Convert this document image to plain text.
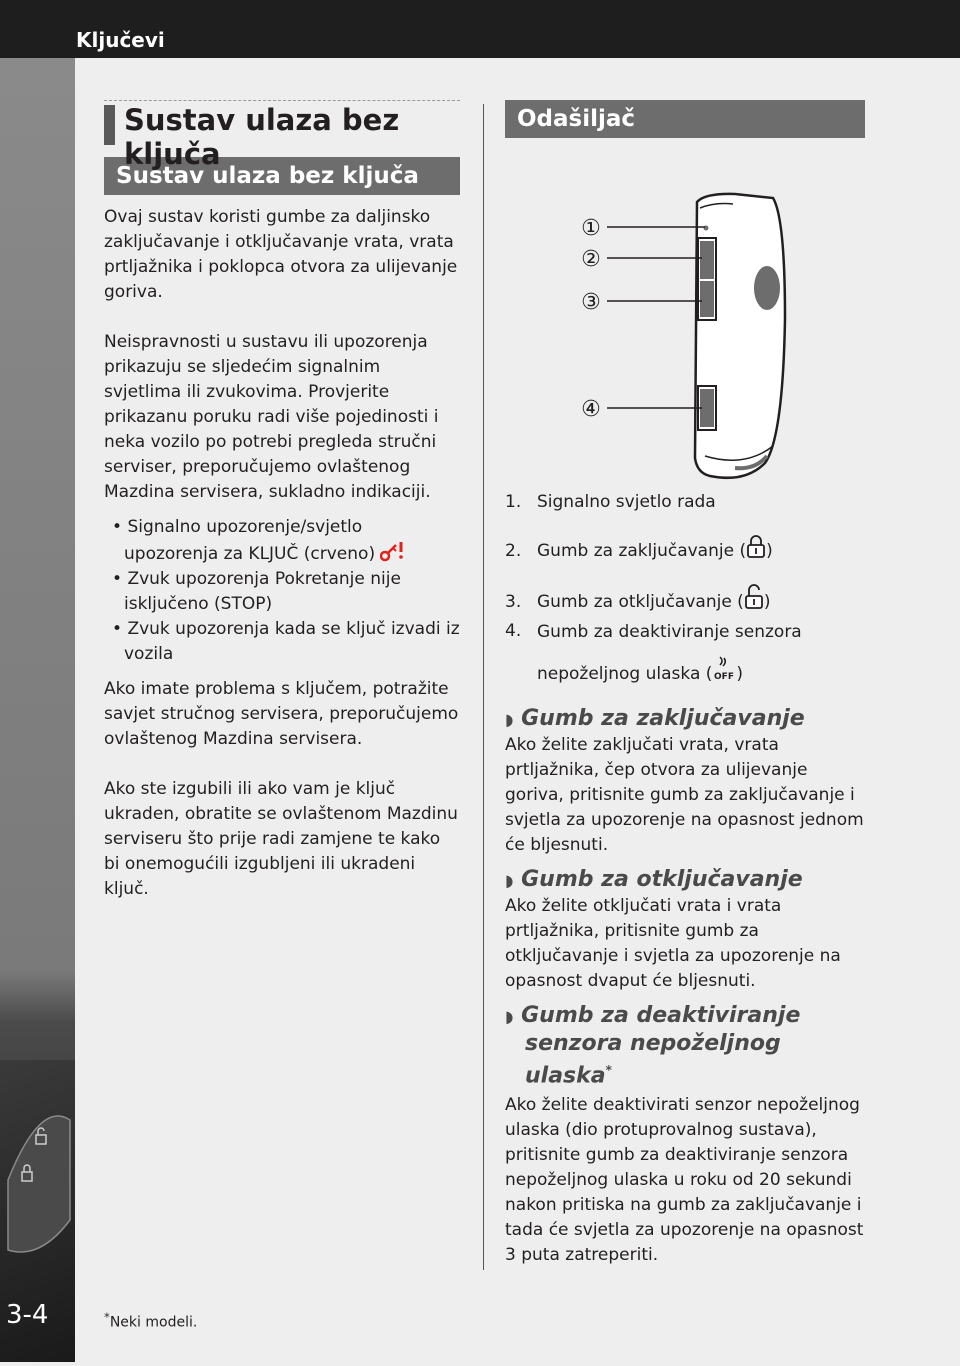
Ključevi
3-4
Sustav ulaza bez ključa
Sustav ulaza bez ključa

Ovaj sustav koristi gumbe za daljinsko zaključavanje i otključavanje vrata, vrata prtljažnika i poklopca otvora za ulijevanje goriva.

Neispravnosti u sustavu ili upozorenja prikazuju se sljedećim signalnim svjetlima ili zvukovima. Provjerite prikazanu poruku radi više pojedinosti i neka vozilo po potrebi pregleda stručni serviser, preporučujemo ovlaštenog Mazdina servisera, sukladno indikaciji.

• Signalno upozorenje/svjetlo upozorenja za KLJUČ (crveno)

• Zvuk upozorenja Pokretanje nije isključeno (STOP)

• Zvuk upozorenja kada se ključ izvadi iz vozila

Ako imate problema s ključem, potražite savjet stručnog servisera, preporučujemo ovlaštenog Mazdina servisera.

Ako ste izgubili ili ako vam je ključ ukraden, obratite se ovlaštenom Mazdinu serviseru što prije radi zamjene te kako bi onemogućili izgubljeni ili ukradeni ključ.

Odašiljač
①
②
③
④

1. Signalno svjetlo rada

2. Gumb za zaključavanje ( )

3. Gumb za otključavanje ( )

4. Gumb za deaktiviranje senzora nepoželjnog ulaska ( OFF )

◗ Gumb za zaključavanje

Ako želite zaključati vrata, vrata prtljažnika, čep otvora za ulijevanje goriva, pritisnite gumb za zaključavanje i svjetla za upozorenje na opasnost jednom će bljesnuti.

◗ Gumb za otključavanje

Ako želite otključati vrata i vrata prtljažnika, pritisnite gumb za otključavanje i svjetla za upozorenje na opasnost dvaput će bljesnuti.

◗ Gumb za deaktiviranje senzora nepoželjnog ulaska*

Ako želite deaktivirati senzor nepoželjnog ulaska (dio protuprovalnog sustava), pritisnite gumb za deaktiviranje senzora nepoželjnog ulaska u roku od 20 sekundi nakon pritiska na gumb za zaključavanje i tada će svjetla za upozorenje na opasnost 3 puta zatreperiti.

*Neki modeli.
